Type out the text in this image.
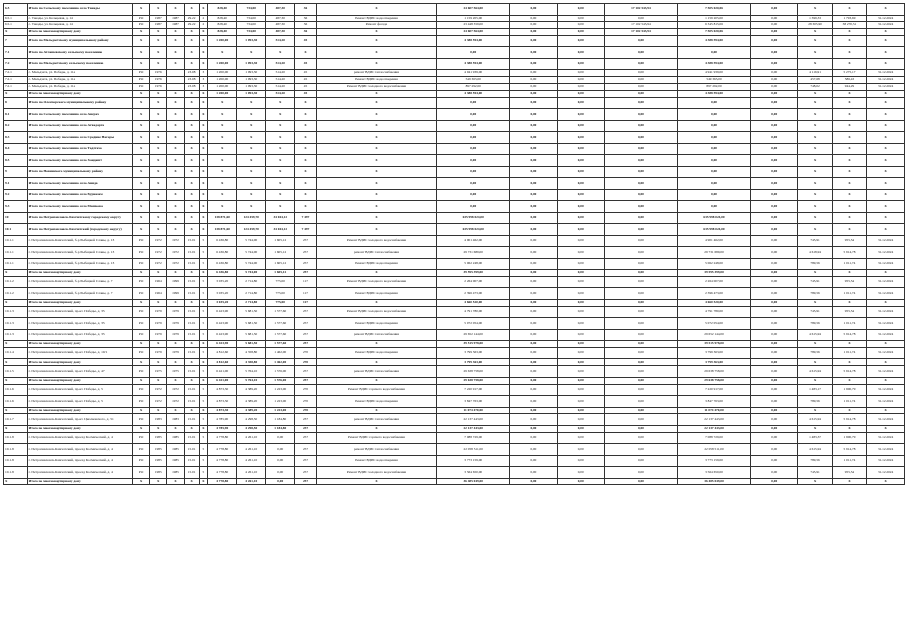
6.5	Итого по Сельскому поселению село Танады	X	X	X	X	X	828,40	734,00	487,30	36	X	24 607 564,00	0,00	0,00	17 102 543,94	7 505 020,06	0,00	X	X	X
6.5.1	с. Танады, ул. Кольцевая, д. 14	РО	1987	1987	29.22	2	828,40	734,00	487,30	36	Ремонт ВДИС водоотведения	1 159 205,00	0,00	0,00	0,00	1 159 205,00	0,00	1 399,33	1 793,69	31.12.2024
6.5.1	с. Танады, ул. Кольцевая, д. 14	РО	1987	1987	29.22	2	828,40	734,00	487,30	36	Ремонт фасада	23 448 359,00	0,00	0,00	17 102 543,94	6 345 815,06	0,00	28 305,90	38 270,51	31.12.2024
X	Итого по многоквартирному дому	X	X	X	X	X	828,40	734,00	487,30	36	X	24 607 564,00	0,00	0,00	17 102 543,94	7 505 020,06	0,00	X	X	X
7	Итого по Мельдзетскому муниципальному району	X	X	X	X	X	1 200,00	1 093,30	514,20	45	X	4 388 594,00	0,00	0,00	0,00	4 388 594,00	0,00	X	X	X
7.1	Итого по Атлашевскому сельскому поселению	X	X	X	X	X	X	X	X	X	X	0,00	0,00	0,00	0,00	0,00	0,00	X	X	X
7.2	Итого по Мельдзетскому сельскому поселению	X	X	X	X	X	1 200,00	1 093,30	514,20	45	X	4 388 594,00	0,00	0,00	0,00	4 388 594,00	0,00	X	X	X
7.2.1	с. Мальдзета, ул. Победы, д. 11а	РО	1976		23.08	3	1 200,00	1 093,30	514,20	45	ремонт ВДИС теплоснабжения	4 941 939,00	0,00	0,00	0,00	4 941 939,00	0,00	4 116,91	5 275,17	31.12.2024
7.2.1	с. Мальдзета, ул. Победы, д. 11а	РО	1976		23.08	3	1 200,00	1 093,30	514,20	45	Ремонт ВДИС водоотведения	549 363,00	0,00	0,00	0,00	549 363,00	0,00	457,68	586,43	31.12.2024
7.2.1	с. Мальдзета, ул. Победы, д. 11а	РО	1976		23.08	3	1 200,00	1 093,30	514,20	45	Ремонт ВДИС холодного водоснабжения	897 292,00	0,00	0,00	0,00	897 292,00	0,00	748,02	944,29	31.12.2024
X	Итого по многоквартирному дому	X	X	X	X	X	1 200,00	1 093,30	514,20	45	X	4 388 594,00	0,00	0,00	0,00	4 388 594,00	0,00	X	X	X
8	Итого по Олеспорского муниципальному району	X	X	X	X	X	X	X	X	X	X	0,00	0,00	0,00	0,00	0,00	0,00	X	X	X
8.1	Итого по Сельскому поселению село Ансрах	X	X	X	X	X	X	X	X	X	X	0,00	0,00	0,00	0,00	0,00	0,00	X	X	X
8.2	Итого по Сельскому поселению село Агвадарга	X	X	X	X	X	X	X	X	X	X	0,00	0,00	0,00	0,00	0,00	0,00	X	X	X
8.3	Итого по Сельскому поселению село Средние Нагоры	X	X	X	X	X	X	X	X	X	X	0,00	0,00	0,00	0,00	0,00	0,00	X	X	X
8.4	Итого по Сельскому поселению село Тадзтаха	X	X	X	X	X	X	X	X	X	X	0,00	0,00	0,00	0,00	0,00	0,00	X	X	X
8.5	Итого по Сельскому поселению село Хандашт	X	X	X	X	X	X	X	X	X	X	0,00	0,00	0,00	0,00	0,00	0,00	X	X	X
9	Итого по Новинского муниципальному району	X	X	X	X	X	X	X	X	X	X	0,00	0,00	0,00	0,00	0,00	0,00	X	X	X
9.1	Итого по Сельскому поселению село Анида	X	X	X	X	X	X	X	X	X	X	0,00	0,00	0,00	0,00	0,00	0,00	X	X	X
9.2	Итого по Сельскому поселению село Бурназам	X	X	X	X	X	X	X	X	X	X	0,00	0,00	0,00	0,00	0,00	0,00	X	X	X
9.3	Итого по Сельскому поселению село Мошкова	X	X	X	X	X	X	X	X	X	X	0,00	0,00	0,00	0,00	0,00	0,00	X	X	X
10	Итого по Петропавловск-Камчатскому городскому округу	X	X	X	X	X	138 871,60	124 459,70	34 044,12	7 497	X	635 998 024,00	0,00	0,00	0,00	635 998 024,00	0,00	X	X	X
10.1	Итого по Петропавловск-Камчатский (городскому округу)	X	X	X	X	X	138 871,60	124 459,70	34 044,12	7 497	X	635 998 024,00	0,00	0,00	0,00	635 998 024,00	0,00	X	X	X
10.1.1	г. Петропавловск-Камчатский, б-р Рыбацкой Славы, д. 13	РО	1972	1972	15.01	5	6 436,80	5 744,00	1 605,12	257	Ремонт ВДИС холодного водоснабжения	4 901 462,00	0,00	0,00	0,00	4 901 462,00	0,00	745,91	955,54	31.12.2024
10.1.1	г. Петропавловск-Камчатский, б-р Рыбацкой Славы, д. 13	РО	1972	1972	15.01	5	6 436,80	5 744,00	1 605,12	257	ремонт ВДИС теплоснабжения	29 731 689,00	0,00	0,00	0,00	29 731 689,00	0,00	4 618,94	5 914,78	31.12.2024
10.1.1	г. Петропавловск-Камчатский, б-р Рыбацкой Славы, д. 13	РО	1972	1972	15.01	5	6 436,80	5 744,00	1 605,12	257	Ремонт ВДИС водоотведения	5 062 248,00	0,00	0,00	0,00	5 062 248,00	0,00	789,56	1 011,74	31.12.2024
X	Итого по многоквартирному дому	X	X	X	X	X	6 436,80	5 744,00	1 605,12	257	X	39 595 399,00	0,00	0,00	0,00	39 595 399,00	0,00	X	X	X
10.1.2	г. Петропавловск-Камчатский, б-р Рыбацкой Славы, д. 7	РО	1964	1999	15.01	5	3 035,20	2 714,80	775,00	117	Ремонт ВДИС холодного водоснабжения	2 264 007,00	0,00	0,00	0,00	2 264 007,00	0,00	745,91	955,54	31.12.2024
10.1.2	г. Петропавловск-Камчатский, б-р Рыбацкой Славы, д. 7	РО	1964	1999	15.01	5	3 035,20	2 714,80	775,00	117	Ремонт ВДИС водоотведения	2 396 473,00	0,00	0,00	0,00	2 396 473,00	0,00	789,56	1 011,74	31.12.2024
X	Итого по многоквартирному дому	X	X	X	X	X	3 035,20	2 714,80	775,00	117	X	4 660 520,00	0,00	0,00	0,00	4 660 520,00	0,00	X	X	X
10.1.3	г. Петропавловск-Камчатский, пр-кт. Победы, д. 35	РО	1979	1979	15.01	5	6 423,90	5 681,50	1 577,60	257	Ремонт ВДИС холодного водоснабжения	4 791 780,00	0,00	0,00	0,00	4 791 780,00	0,00	745,91	955,54	31.12.2024
10.1.3	г. Петропавловск-Камчатский, пр-кт. Победы, д. 35	РО	1979	1979	15.01	5	6 423,90	5 681,50	1 577,60	257	Ремонт ВДИС водоотведения	5 072 054,00	0,00	0,00	0,00	5 072 054,00	0,00	789,56	1 011,74	31.12.2024
10.1.3	г. Петропавловск-Камчатский, пр-кт. Победы, д. 35	РО	1979	1979	15.01	5	6 423,90	5 681,50	1 577,60	257	ремонт ВДИС теплоснабжения	29 652 144,00	0,00	0,00	0,00	29 652 144,00	0,00	4 615,94	5 914,78	31.12.2024
X	Итого по многоквартирному дому	X	X	X	X	X	6 423,90	5 681,50	1 577,60	257	X	39 515 978,00	0,00	0,00	0,00	39 515 978,00	0,00	X	X	X
10.1.4	г. Петропавловск-Камчатский, пр-кт. Победы, д. 10/1	РО	1979	1979	15.01	5	4 812,60	4 358,80	1 462,00	270	Ремонт ВДИС водоотведения	3 799 363,00	0,00	0,00	0,00	3 799 363,00	0,00	789,56	1 011,74	31.12.2024
X	Итого по многоквартирному дому	X	X	X	X	X	4 812,60	4 358,80	1 462,00	270	X	3 799 363,00	0,00	0,00	0,00	3 799 363,00	0,00	X	X	X
10.1.5	г. Петропавловск-Камчатский, пр-кт. Победы, д. 47	РО	1975	1975	15.01	5	6 421,00	5 764,10	1 576,00	257	ремонт ВДИС теплоснабжения	29 638 758,00	0,00	0,00	0,00	29 638 758,00	0,00	4 615,94	5 914,78	31.12.2024
X	Итого по многоквартирному дому	X	X	X	X	X	6 421,00	5 764,10	1 576,00	257	X	29 638 758,00	0,00	0,00	0,00	29 638 758,00	0,00	X	X	X
10.1.6	г. Петропавловск-Камчатский, пр-кт. Победы, д. 5	РО	1972	1972	15.01	5	4 873,30	4 389,20	1 223,00	270	Ремонт ВДИС горячего водоснабжения	7 220 917,00	0,00	0,00	0,00	7 220 917,00	0,00	1 483,17	1 900,79	31.12.2024
10.1.6	г. Петропавловск-Камчатский, пр-кт. Победы, д. 5	РО	1972	1972	15.01	5	4 873,30	4 389,20	1 223,00	270	Ремонт ВДИС водоотведения	3 847 763,00	0,00	0,00	0,00	3 847 763,00	0,00	789,56	1 011,74	31.12.2024
X	Итого по многоквартирному дому	X	X	X	X	X	4 873,30	4 389,20	1 223,00	270	X	11 074 470,00	0,00	0,00	0,00	11 074 470,00	0,00	X	X	X
10.1.7	г. Петропавловск-Камчатский, пр-кт. Циолковского, д. 51	РО	1983	1983	15.01	5	4 785,90	4 298,50	1 184,80	237	ремонт ВДИС теплоснабжения	22 137 443,00	0,00	0,00	0,00	22 137 443,00	0,00	4 615,94	5 914,78	31.12.2024
X	Итого по многоквартирному дому	X	X	X	X	X	4 785,90	4 298,50	1 184,80	237	X	22 137 443,00	0,00	0,00	0,00	22 137 443,00	0,00	X	X	X
10.1.8	г. Петропавловск-Камчатский, проезд Космический, д. 4	РО	1985	1985	15.01	5	4 778,80	4 261,10	0,00	257	Ремонт ВДИС горячего водоснабжения	7 088 729,00	0,00	0,00	0,00	7 088 729,00	0,00	1 483,37	1 900,79	31.12.2024
10.1.8	г. Петропавловск-Камчатский, проезд Космический, д. 4	РО	1985	1985	15.01	5	4 778,80	4 261,10	0,00	257	ремонт ВДИС теплоснабжения	22 058 511,00	0,00	0,00	0,00	22 058 511,00	0,00	4 615,94	5 914,78	31.12.2024
10.1.8	г. Петропавловск-Камчатский, проезд Космический, д. 4	РО	1985	1985	15.01	5	4 778,80	4 261,10	0,00	257	Ремонт ВДИС водоотведения	3 773 159,00	0,00	0,00	0,00	3 773 159,00	0,00	789,56	1 011,74	31.12.2024
10.1.8	г. Петропавловск-Камчатский, проезд Космический, д. 4	РО	1985	1985	15.01	5	4 778,80	4 261,10	0,00	257	Ремонт ВДИС холодного водоснабжения	3 564 650,00	0,00	0,00	0,00	3 564 650,00	0,00	745,91	955,54	31.12.2024
X	Итого по многоквартирному дому	X	X	X	X	X	4 778,80	4 261,10	0,00	257	X	36 485 049,00	0,00	0,00	0,00	36 485 049,00	0,00	X	X	X
